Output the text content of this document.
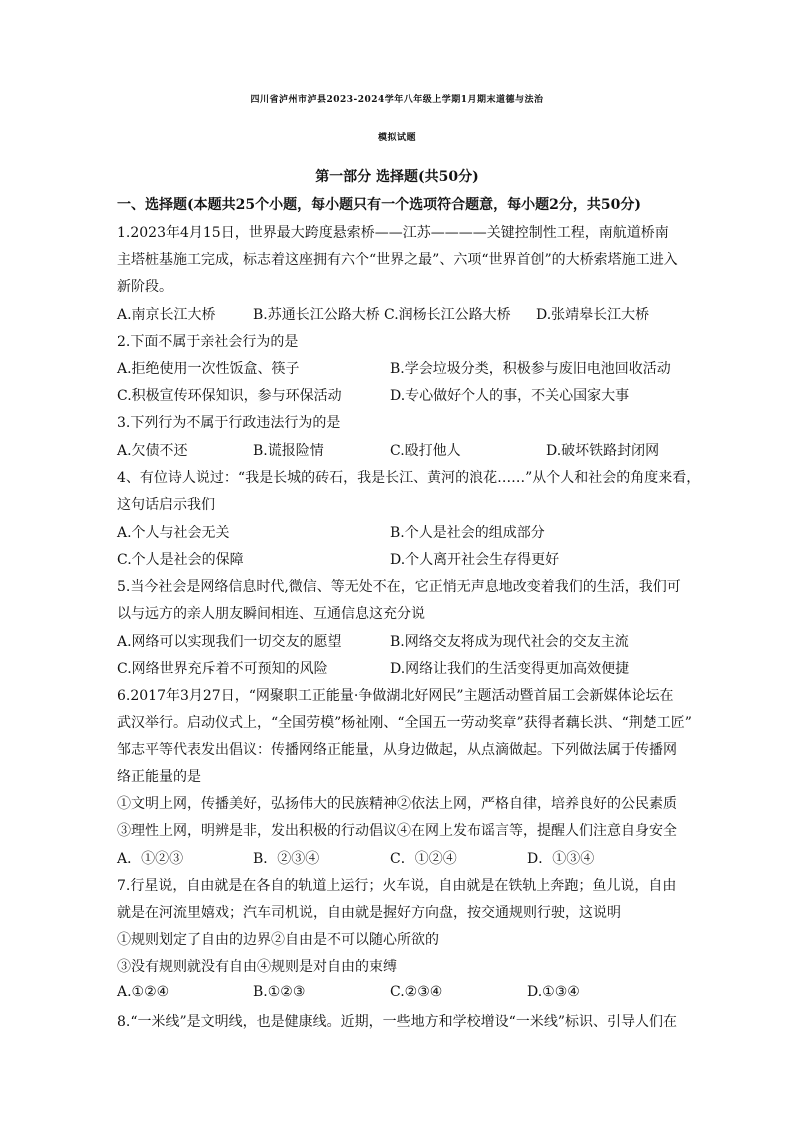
四川省泸州市泸县2023-2024学年八年级上学期1月期末道德与法治
模拟试题
第一部分 选择题(共50分)
一、选择题(本题共25个小题，每小题只有一个选项符合题意，每小题2分，共50分)
1.2023年4月15日，世界最大跨度悬索桥——江苏————关键控制性工程，南航道桥南
主塔桩基施工完成，标志着这座拥有六个“世界之最”、六项“世界首创”的大桥索塔施工进入
新阶段。
A.南京长江大桥	B.苏通长江公路大桥 C.润杨长江公路大桥 D.张靖皋长江大桥
2.下面不属于亲社会行为的是
A.拒绝使用一次性饭盒、筷子	B.学会垃圾分类，积极参与废旧电池回收活动
C.积极宣传环保知识，参与环保活动	D.专心做好个人的事，不关心国家大事
3.下列行为不属于行政违法行为的是
A.欠债不还	B.谎报险情	C.殴打他人	D.破坏铁路封闭网
4、有位诗人说过：“我是长城的砖石，我是长江、黄河的浪花……”从个人和社会的角度来看，
这句话启示我们
A.个人与社会无关	B.个人是社会的组成部分
C.个人是社会的保障	D.个人离开社会生存得更好
5.当今社会是网络信息时代,微信、等无处不在，它正悄无声息地改变着我们的生活，我们可
以与远方的亲人朋友瞬间相连、互通信息这充分说
A.网络可以实现我们一切交友的愿望	B.网络交友将成为现代社会的交友主流
C.网络世界充斥着不可预知的风险	D.网络让我们的生活变得更加高效便捷
6.2017年3月27日，“网聚职工正能量·争做湖北好网民”主题活动暨首届工会新媒体论坛在
武汉举行。启动仪式上，“全国劳模”杨祉刚、“全国五一劳动奖章”获得者藕长洪、“荆楚工匠”
邹志平等代表发出倡议：传播网络正能量，从身边做起，从点滴做起。下列做法属于传播网
络正能量的是
①文明上网，传播美好，弘扬伟大的民族精神②依法上网，严格自律，培养良好的公民素质
③理性上网，明辨是非，发出积极的行动倡议④在网上发布谣言等，提醒人们注意自身安全
A．①②③	B．②③④	C．①②④	D．①③④
7.行星说，自由就是在各自的轨道上运行；火车说，自由就是在铁轨上奔跑；鱼儿说，自由
就是在河流里嬉戏；汽车司机说，自由就是握好方向盘，按交通规则行驶，这说明
①规则划定了自由的边界②自由是不可以随心所欲的
③没有规则就没有自由④规则是对自由的束缚
A.①②④	B.①②③	C.②③④	D.①③④
8.“一米线”是文明线，也是健康线。近期，一些地方和学校增设“一米线”标识、引导人们在
